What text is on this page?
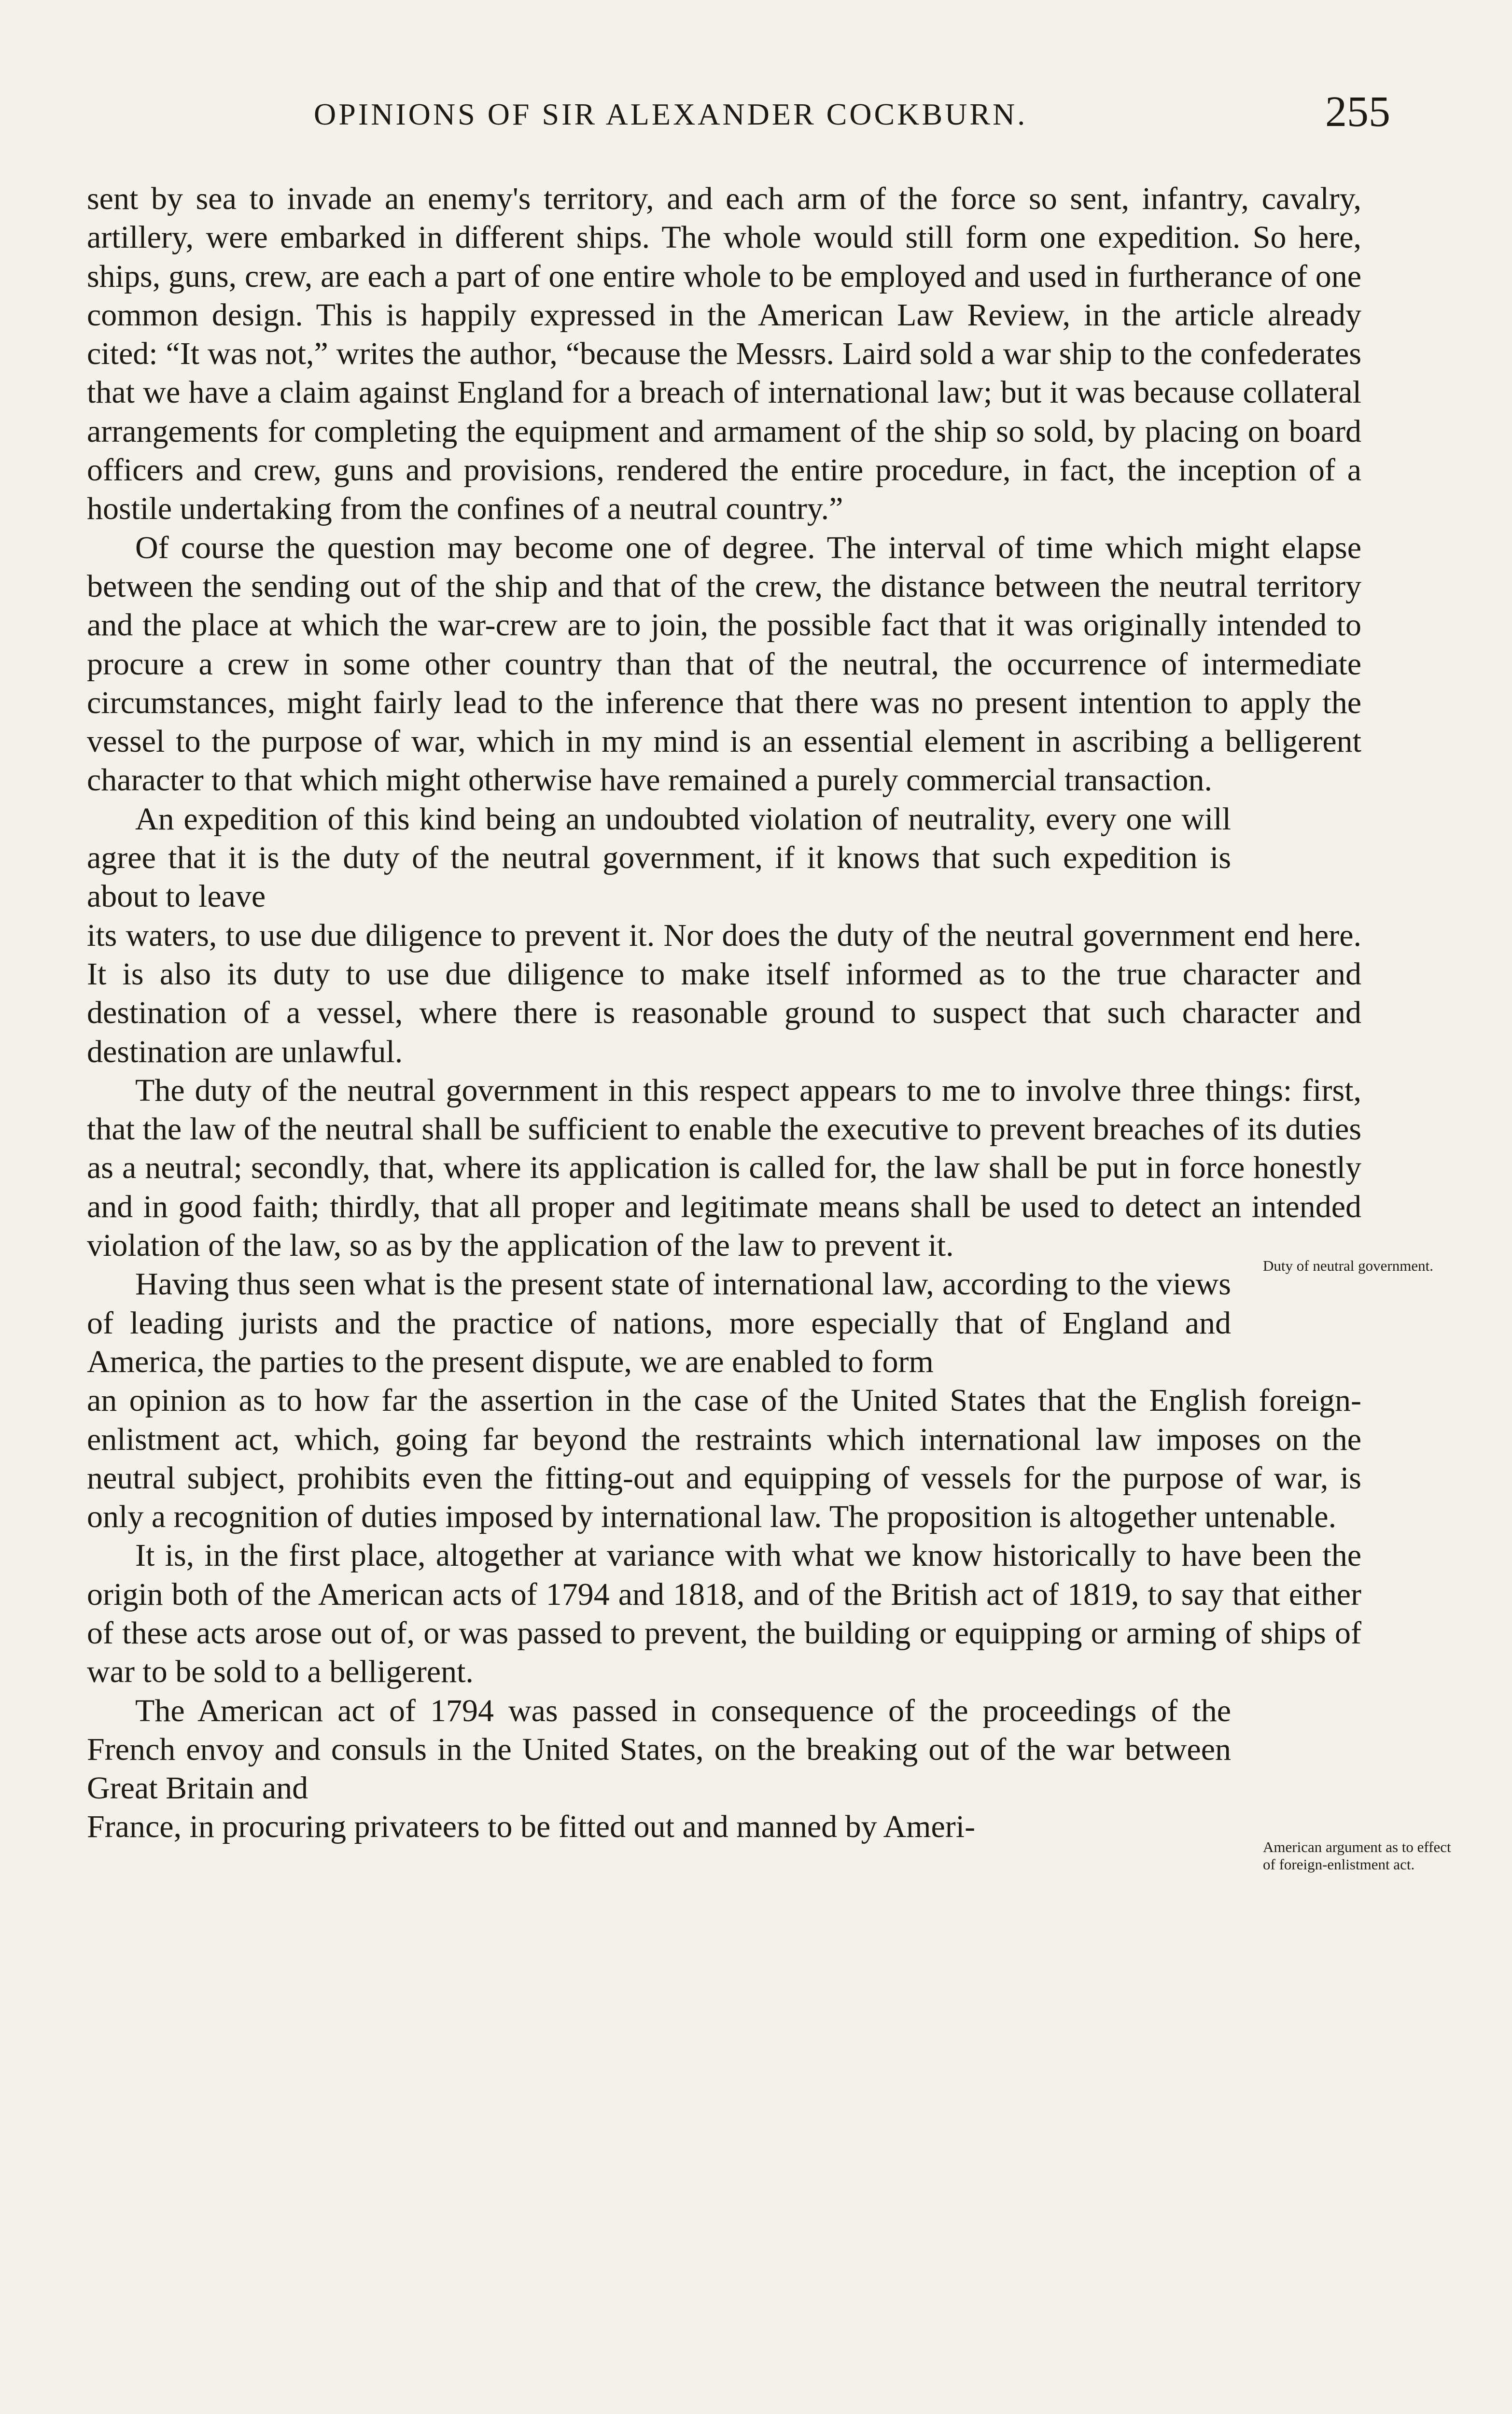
OPINIONS OF SIR ALEXANDER COCKBURN.	255

sent by sea to invade an enemy's territory, and each arm of the force so sent, infantry, cavalry, artillery, were embarked in different ships. The whole would still form one expedition. So here, ships, guns, crew, are each a part of one entire whole to be employed and used in furtherance of one common design. This is happily expressed in the American Law Review, in the article already cited: “It was not,” writes the author, “because the Messrs. Laird sold a war ship to the confederates that we have a claim against England for a breach of international law; but it was because collateral arrangements for completing the equipment and armament of the ship so sold, by placing on board officers and crew, guns and provisions, rendered the entire procedure, in fact, the inception of a hostile undertaking from the confines of a neutral country.”

Of course the question may become one of degree. The interval of time which might elapse between the sending out of the ship and that of the crew, the distance between the neutral territory and the place at which the war-crew are to join, the possible fact that it was originally intended to procure a crew in some other country than that of the neutral, the occurrence of intermediate circumstances, might fairly lead to the inference that there was no present intention to apply the vessel to the purpose of war, which in my mind is an essential element in ascribing a belligerent character to that which might otherwise have remained a purely commercial transaction.

An expedition of this kind being an undoubted violation of neutrality, every one will agree that it is the duty of the neutral government, if it knows that such expedition is about to leave

its waters, to use due diligence to prevent it. Nor does the duty of the neutral government end here. It is also its duty to use due diligence to make itself informed as to the true character and destination of a vessel, where there is reasonable ground to suspect that such character and destination are unlawful.

The duty of the neutral government in this respect appears to me to involve three things: first, that the law of the neutral shall be sufficient to enable the executive to prevent breaches of its duties as a neutral; secondly, that, where its application is called for, the law shall be put in force honestly and in good faith; thirdly, that all proper and legitimate means shall be used to detect an intended violation of the law, so as by the application of the law to prevent it.

Having thus seen what is the present state of international law, according to the views of leading jurists and the practice of nations, more especially that of England and America, the parties to the present dispute, we are enabled to form

an opinion as to how far the assertion in the case of the United States that the English foreign-enlistment act, which, going far beyond the restraints which international law imposes on the neutral subject, prohibits even the fitting-out and equipping of vessels for the purpose of war, is only a recognition of duties imposed by international law. The proposition is altogether untenable.

It is, in the first place, altogether at variance with what we know historically to have been the origin both of the American acts of 1794 and 1818, and of the British act of 1819, to say that either of these acts arose out of, or was passed to prevent, the building or equipping or arming of ships of war to be sold to a belligerent.

The American act of 1794 was passed in consequence of the proceedings of the French envoy and consuls in the United States, on the breaking out of the war between Great Britain and

France, in procuring privateers to be fitted out and manned by Ameri-

Duty of neutral government.
American argument as to effect of foreign-enlistment act.
